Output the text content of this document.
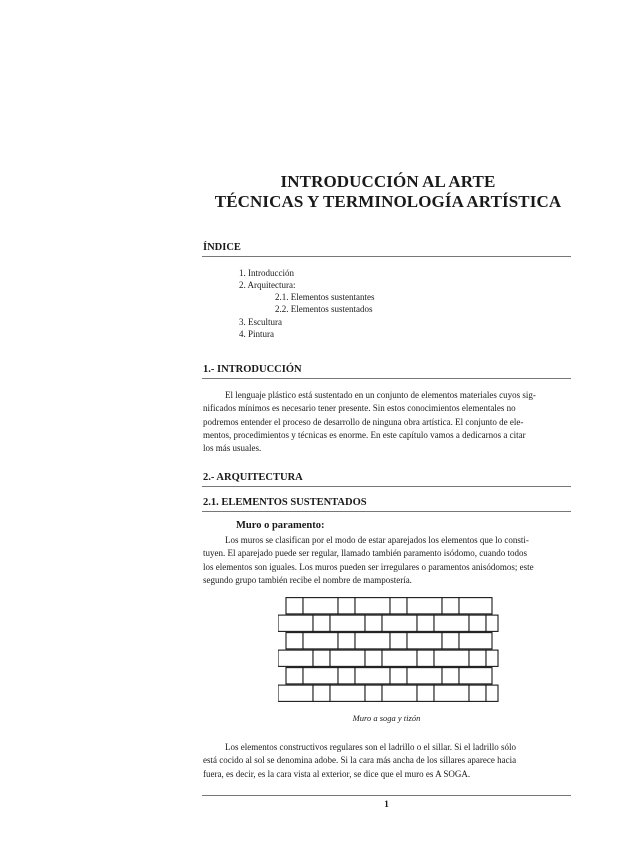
INTRODUCCIÓN AL ARTE
TÉCNICAS Y TERMINOLOGÍA ARTÍSTICA
ÍNDICE
1. Introducción
2. Arquitectura:
2.1. Elementos sustentantes
2.2. Elementos sustentados
3. Escultura
4. Pintura
1.- INTRODUCCIÓN
El lenguaje plástico está sustentado en un conjunto de elementos materiales cuyos sig-
nificados mínimos es necesario tener presente. Sin estos conocimientos elementales no
podremos entender el proceso de desarrollo de ninguna obra artística. El conjunto de ele-
mentos, procedimientos y técnicas es enorme. En este capítulo vamos a dedicarnos a citar
los más usuales.
2.- ARQUITECTURA
2.1. ELEMENTOS SUSTENTADOS
Muro o paramento:
Los muros se clasifican por el modo de estar aparejados los elementos que lo consti-
tuyen. El aparejado puede ser regular, llamado también paramento isódomo, cuando todos
los elementos son iguales. Los muros pueden ser irregulares o paramentos anisódomos; este
segundo grupo también recibe el nombre de mampostería.
Muro a soga y tizón
Los elementos constructivos regulares son el ladrillo o el sillar. Si el ladrillo sólo
está cocido al sol se denomina adobe. Si la cara más ancha de los sillares aparece hacia
fuera, es decir, es la cara vista al exterior, se dice que el muro es A SOGA.
1
